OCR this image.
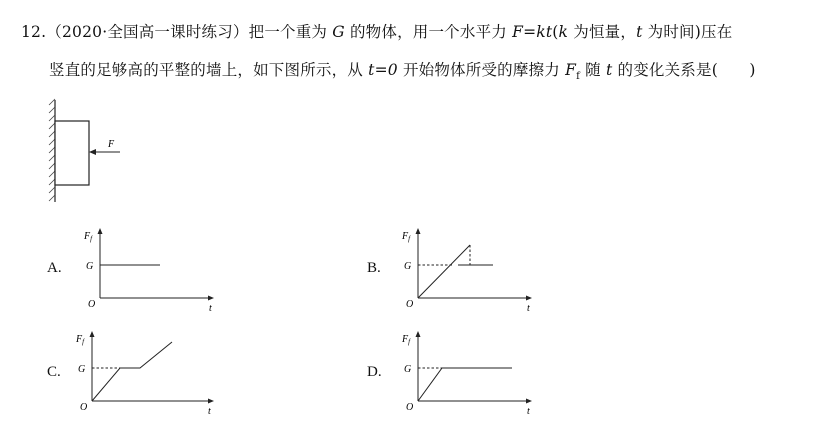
12.（2020·全国高一课时练习）把一个重为 G 的物体，用一个水平力 F=kt(k 为恒量，t 为时间)压在
竖直的足够高的平整的墙上，如下图所示，从 t=0 开始物体所受的摩擦力 $F_f$ 随 t 的变化关系是(　　)
F
A.	B.
C.	D.
$F_f$
t
O
G
$F_f$
t
O
G
$F_f$
t
O
G
$F_f$
t
O
G
